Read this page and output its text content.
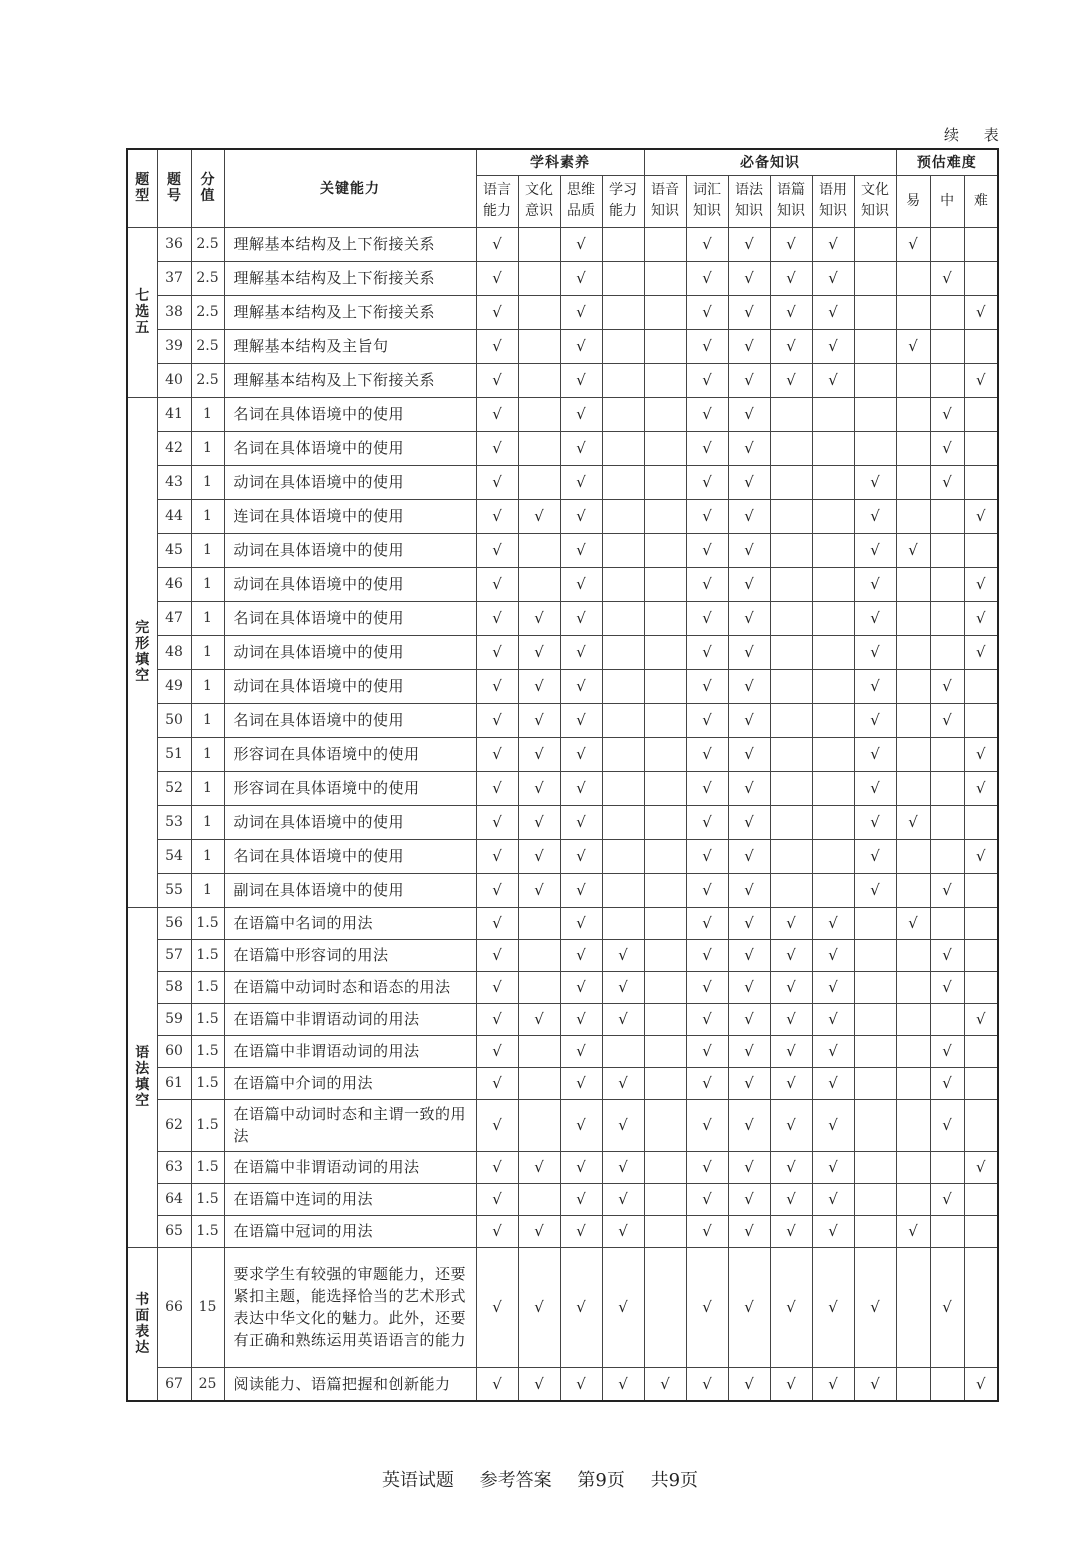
续 表
题型	题号	分值	关键能力	学科素养				必备知识						预估难度		
				语言能力	文化意识	思维品质	学习能力	语音知识	词汇知识	语法知识	语篇知识	语用知识	文化知识	易	中	难

七选五	36	2.5	理解基本结构及上下衔接关系	√		√			√	√	√	√		√		
	37	2.5	理解基本结构及上下衔接关系	√		√			√	√	√	√			√	
	38	2.5	理解基本结构及上下衔接关系	√		√			√	√	√	√				√
	39	2.5	理解基本结构及主旨句	√		√			√	√	√	√		√		
	40	2.5	理解基本结构及上下衔接关系	√		√			√	√	√	√				√

完形填空	41	1	名词在具体语境中的使用	√		√			√	√					√	
	42	1	名词在具体语境中的使用	√		√			√	√					√	
	43	1	动词在具体语境中的使用	√		√			√	√			√		√	
	44	1	连词在具体语境中的使用	√	√	√			√	√			√			√
	45	1	动词在具体语境中的使用	√		√			√	√			√	√		
	46	1	动词在具体语境中的使用	√		√			√	√			√			√
	47	1	名词在具体语境中的使用	√	√	√			√	√			√			√
	48	1	动词在具体语境中的使用	√	√	√			√	√			√			√
	49	1	动词在具体语境中的使用	√	√	√			√	√			√		√	
	50	1	名词在具体语境中的使用	√	√	√			√	√			√		√	
	51	1	形容词在具体语境中的使用	√	√	√			√	√			√			√
	52	1	形容词在具体语境中的使用	√	√	√			√	√			√			√
	53	1	动词在具体语境中的使用	√	√	√			√	√			√	√		
	54	1	名词在具体语境中的使用	√	√	√			√	√			√			√
	55	1	副词在具体语境中的使用	√	√	√			√	√			√		√	

语法填空	56	1.5	在语篇中名词的用法	√		√			√	√	√	√		√		
	57	1.5	在语篇中形容词的用法	√		√	√		√	√	√	√			√	
	58	1.5	在语篇中动词时态和语态的用法	√		√	√		√	√	√	√			√	
	59	1.5	在语篇中非谓语动词的用法	√	√	√	√		√	√	√	√				√
	60	1.5	在语篇中非谓语动词的用法	√		√			√	√	√	√			√	
	61	1.5	在语篇中介词的用法	√		√	√		√	√	√	√			√	
	62	1.5	在语篇中动词时态和主谓一致的用法	√		√	√		√	√	√	√			√	
	63	1.5	在语篇中非谓语动词的用法	√	√	√	√		√	√	√	√				√
	64	1.5	在语篇中连词的用法	√		√	√		√	√	√	√			√	
	65	1.5	在语篇中冠词的用法	√	√	√	√		√	√	√	√		√		

书面表达	66	15	要求学生有较强的审题能力，还要紧扣主题，能选择恰当的艺术形式表达中华文化的魅力。此外，还要有正确和熟练运用英语语言的能力	√	√	√	√		√	√	√	√	√		√	
	67	25	阅读能力、语篇把握和创新能力	√	√	√	√	√	√	√	√	√	√			√
英语试题 参考答案 第9页 共9页
